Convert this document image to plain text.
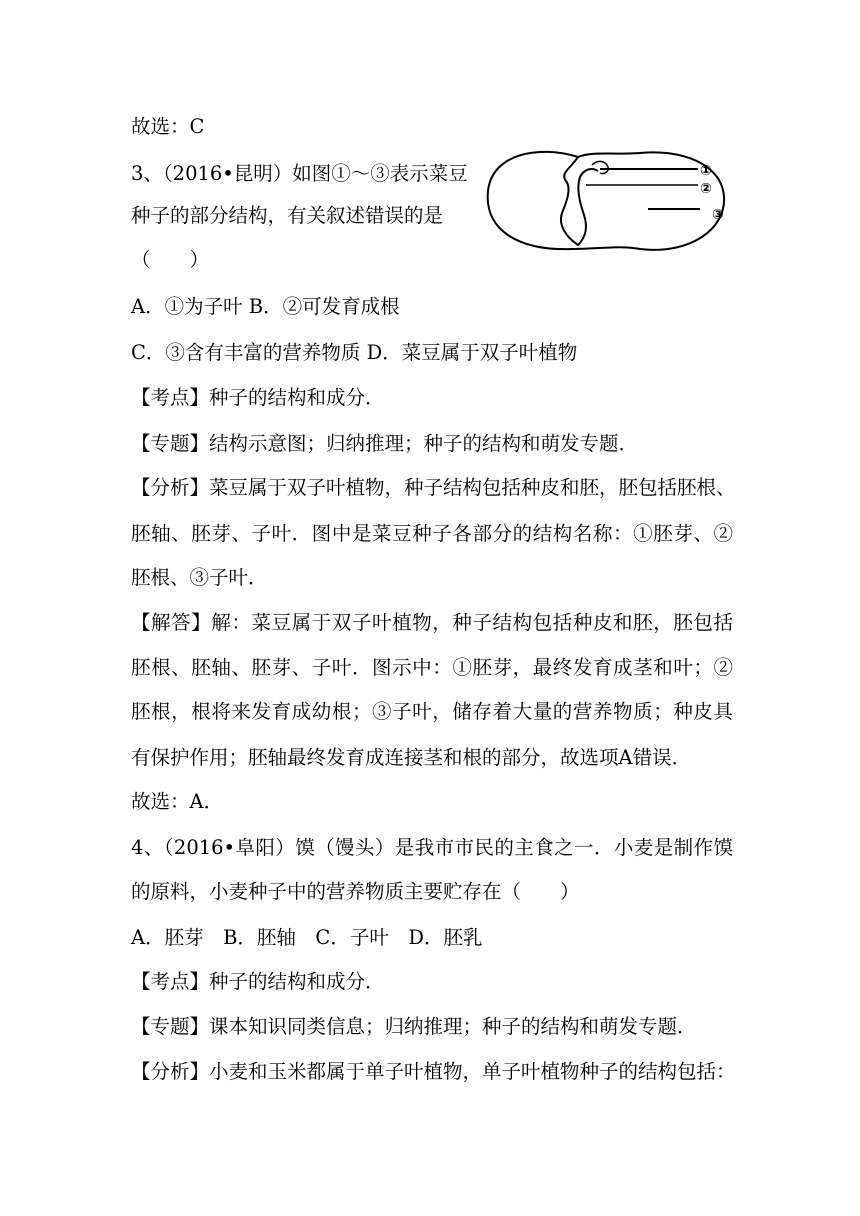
故选：C
3、（2016•昆明）如图①～③表示菜豆
种子的部分结构，有关叙述错误的是
（　　）
A．①为子叶 B．②可发育成根
C．③含有丰富的营养物质 D．菜豆属于双子叶植物
【考点】种子的结构和成分．
【专题】结构示意图；归纳推理；种子的结构和萌发专题．
【分析】菜豆属于双子叶植物，种子结构包括种皮和胚，胚包括胚根、
胚轴、胚芽、子叶．图中是菜豆种子各部分的结构名称：①胚芽、②
胚根、③子叶．
【解答】解：菜豆属于双子叶植物，种子结构包括种皮和胚，胚包括
胚根、胚轴、胚芽、子叶．图示中：①胚芽，最终发育成茎和叶；②
胚根，根将来发育成幼根；③子叶，储存着大量的营养物质；种皮具
有保护作用；胚轴最终发育成连接茎和根的部分，故选项A错误．
故选：A．
4、（2016•阜阳）馍（馒头）是我市市民的主食之一．小麦是制作馍
的原料，小麦种子中的营养物质主要贮存在（　　）
A．胚芽　B．胚轴　C．子叶　D．胚乳
【考点】种子的结构和成分．
【专题】课本知识同类信息；归纳推理；种子的结构和萌发专题．
【分析】小麦和玉米都属于单子叶植物，单子叶植物种子的结构包括：
①
②
③
